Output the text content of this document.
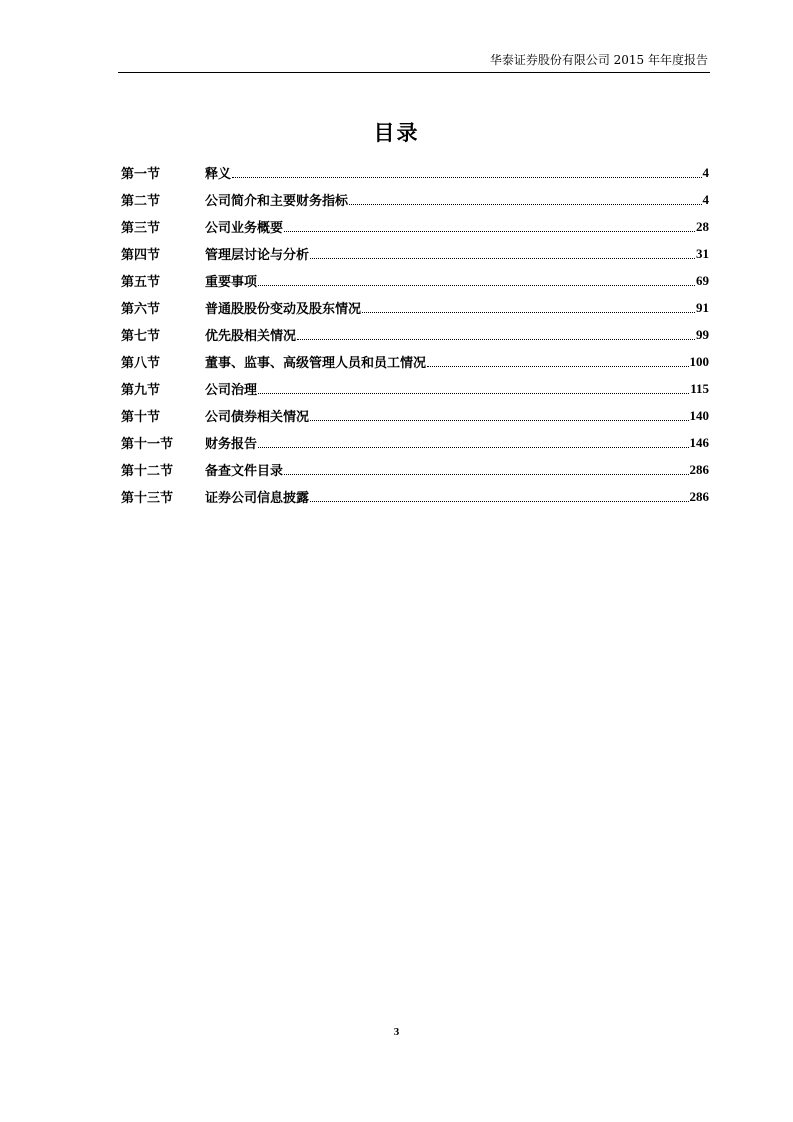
华泰证券股份有限公司 2015 年年度报告
目录
第一节	释义	4
第二节	公司简介和主要财务指标	4
第三节	公司业务概要	28
第四节	管理层讨论与分析	31
第五节	重要事项	69
第六节	普通股股份变动及股东情况	91
第七节	优先股相关情况	99
第八节	董事、监事、高级管理人员和员工情况	100
第九节	公司治理	115
第十节	公司债券相关情况	140
第十一节	财务报告	146
第十二节	备查文件目录	286
第十三节	证券公司信息披露	286
3
